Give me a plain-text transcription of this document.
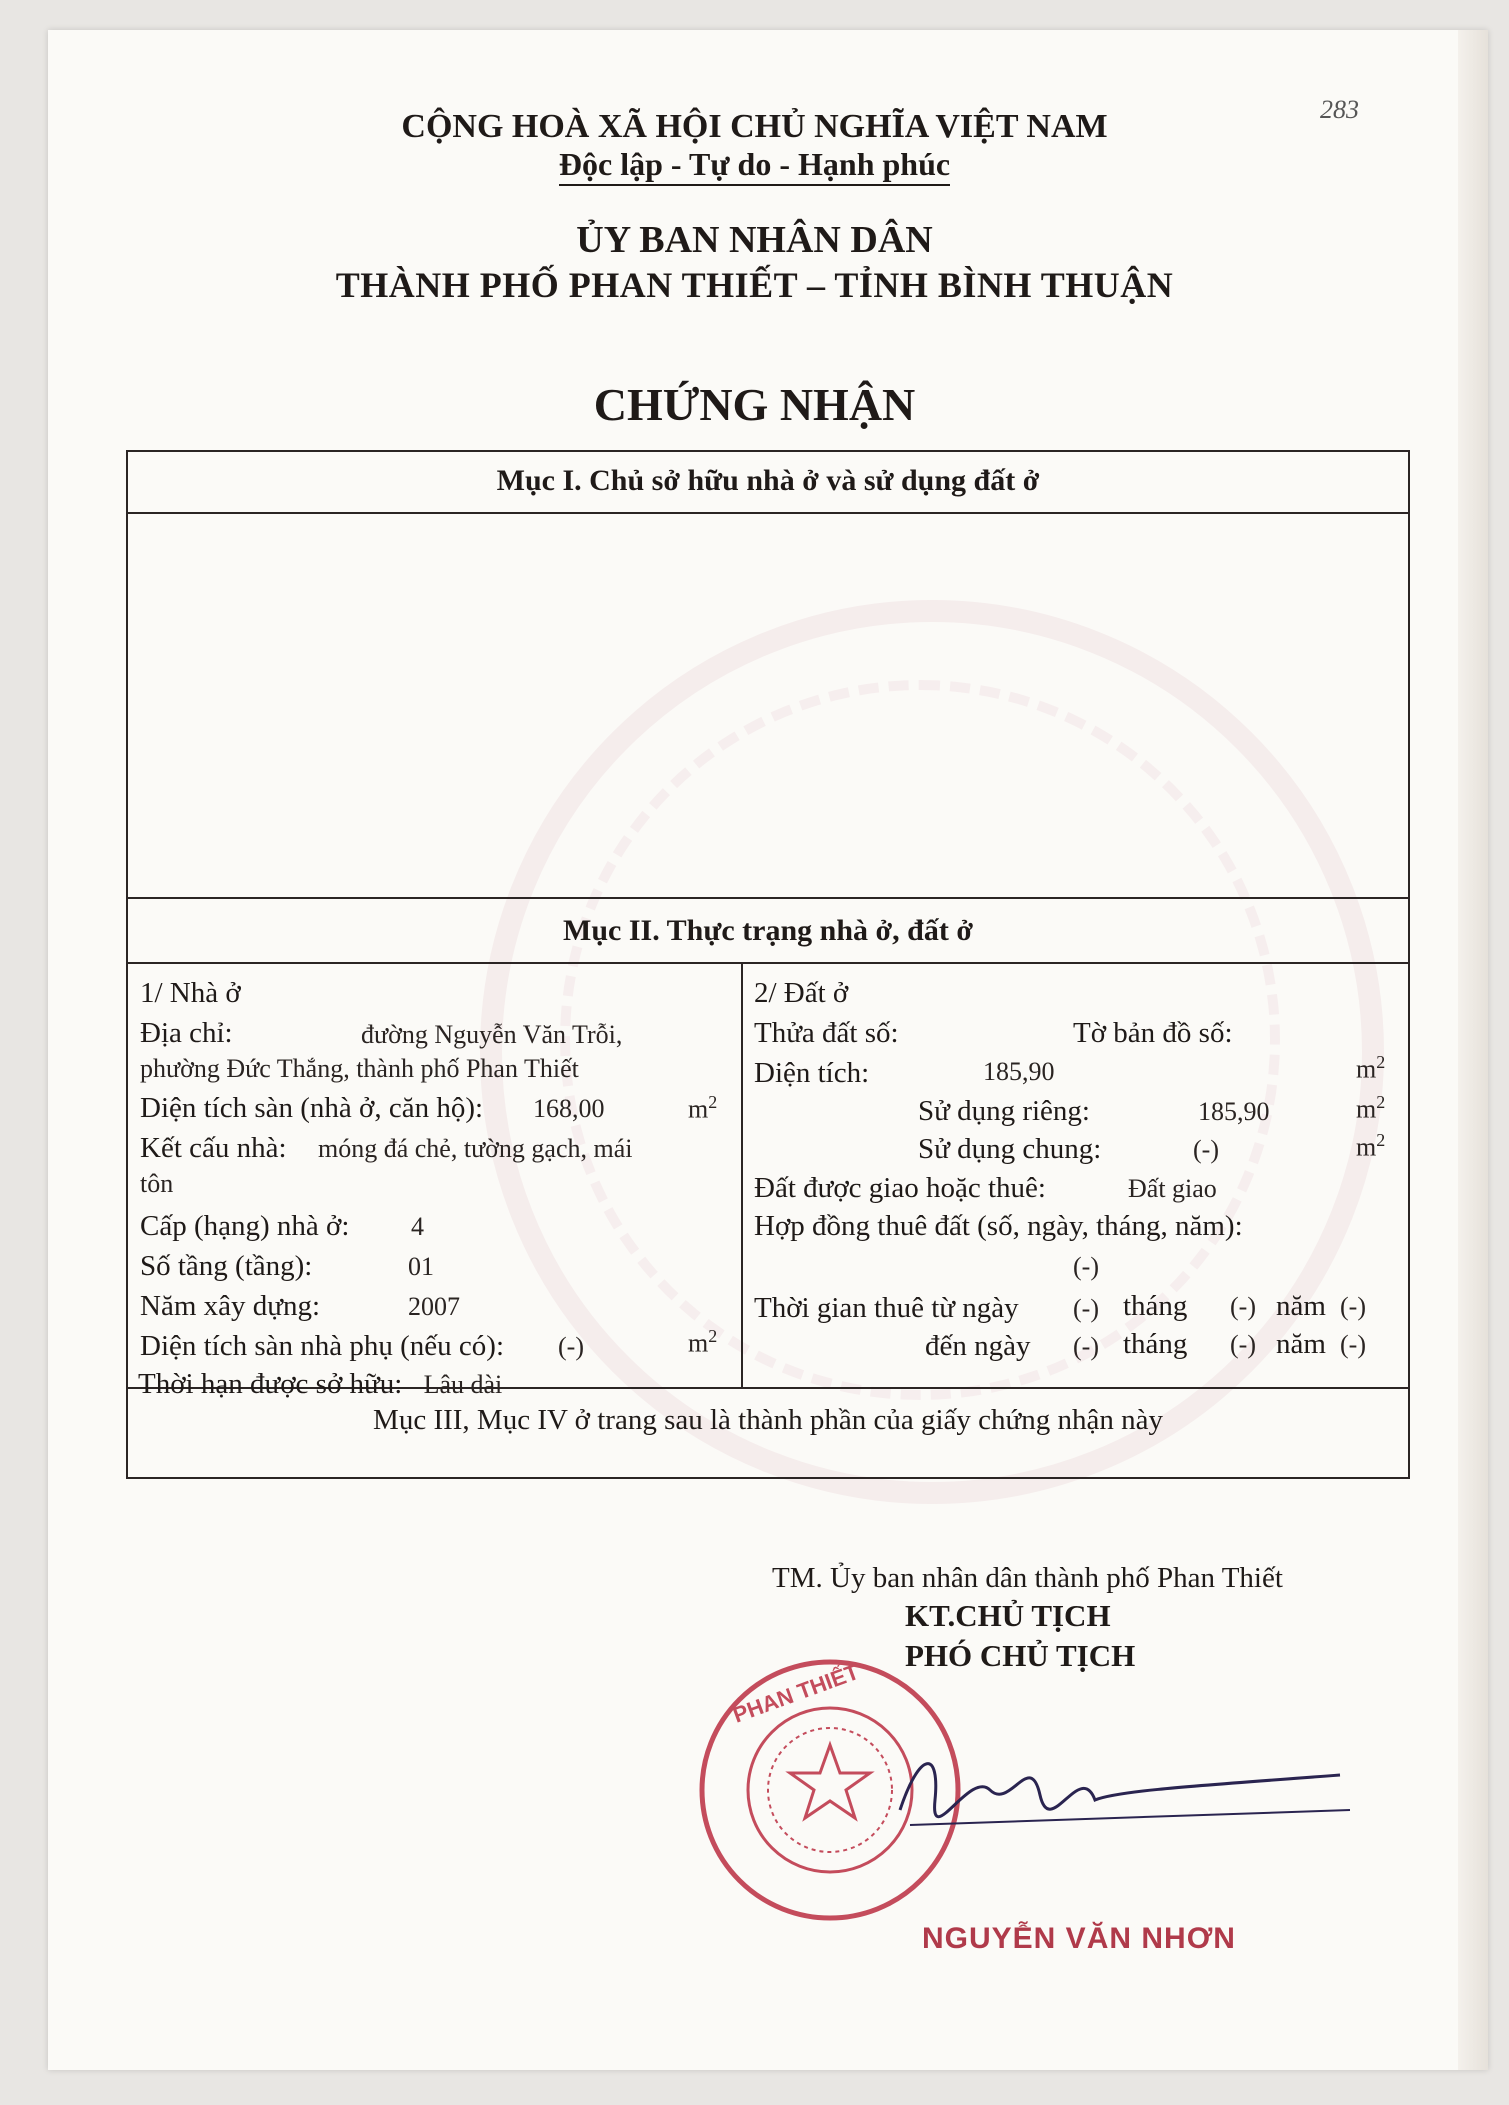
283
CỘNG HOÀ XÃ HỘI CHỦ NGHĨA VIỆT NAM
Độc lập - Tự do - Hạnh phúc
ỦY BAN NHÂN DÂN
THÀNH PHỐ PHAN THIẾT – TỈNH BÌNH THUẬN
CHỨNG NHẬN
Mục I. Chủ sở hữu nhà ở và sử dụng đất ở
Mục II. Thực trạng nhà ở, đất ở
Mục III, Mục IV ở trang sau là thành phần của giấy chứng nhận này
1/ Nhà ở
Địa chỉ:	đường Nguyễn Văn Trỗi,
phường Đức Thắng, thành phố Phan Thiết
Diện tích sàn (nhà ở, căn hộ): 168,00	$m^2$
Kết cấu nhà: móng đá chẻ, tường gạch, mái
tôn
Cấp (hạng) nhà ở: 4
Số tầng (tầng):	01
Năm xây dựng:	2007
Diện tích sàn nhà phụ (nếu có): (-)	$m^2$
2/ Đất ở
Thửa đất số:	Tờ bản đồ số:
Diện tích:	185,90	$m^2$
Sử dụng riêng:	185,90	$m^2$
Sử dụng chung:	(-)	$m^2$
Đất được giao hoặc thuê:	Đất giao
Hợp đồng thuê đất (số, ngày, tháng, năm):
(-)
Thời gian thuê từ ngày (-) tháng (-) năm (-)
đến ngày (-) tháng (-) năm (-)
Thời hạn được sở hữu: Lâu dài
TM. Ủy ban nhân dân thành phố Phan Thiết
KT.CHỦ TỊCH
PHÓ CHỦ TỊCH
PHAN THIẾT
NGUYỄN VĂN NHƠN
